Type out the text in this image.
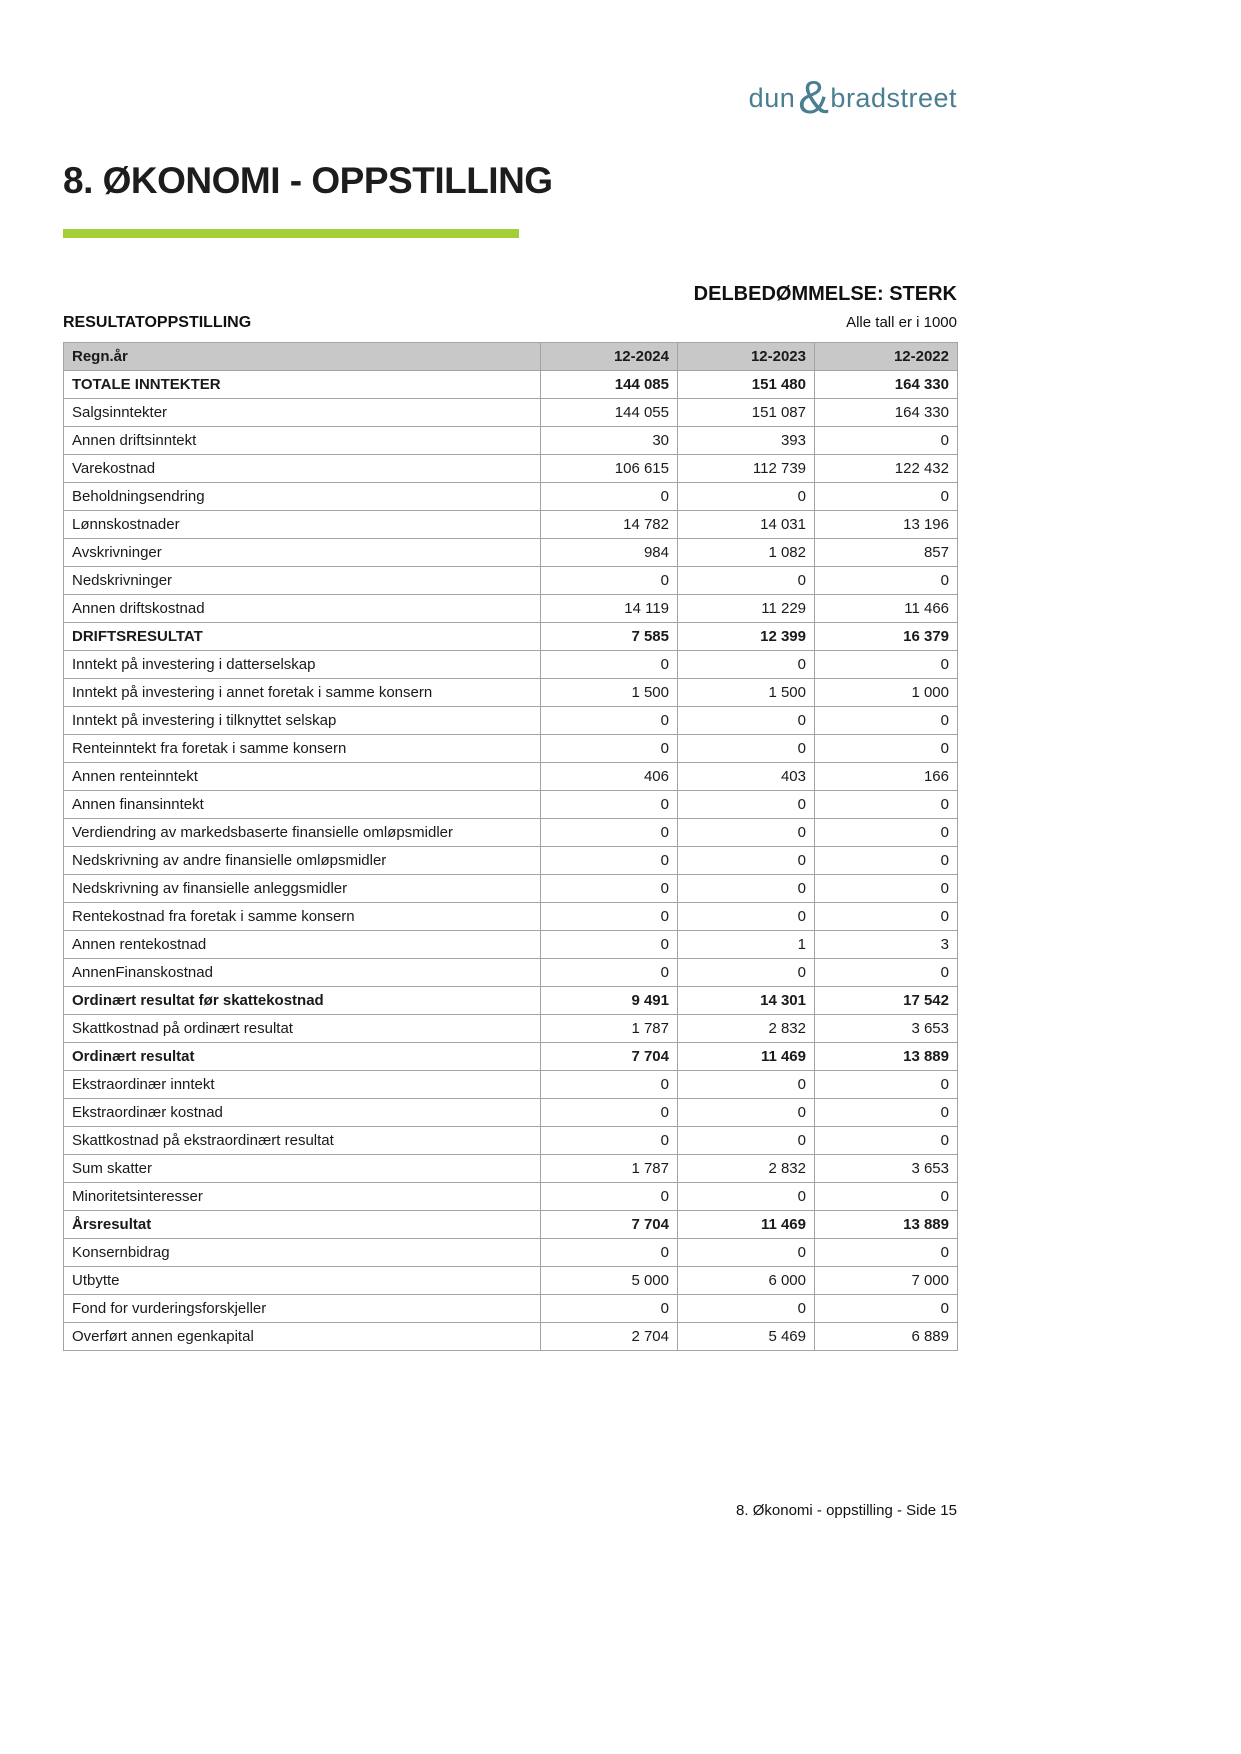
dun&bradstreet
8. ØKONOMI - OPPSTILLING
DELBEDØMMELSE: STERK
RESULTATOPPSTILLING	Alle tall er i 1000
Regn.år	12-2024	12-2023	12-2022
TOTALE INNTEKTER	144 085	151 480	164 330
Salgsinntekter	144 055	151 087	164 330
Annen driftsinntekt	30	393	0
Varekostnad	106 615	112 739	122 432
Beholdningsendring	0	0	0
Lønnskostnader	14 782	14 031	13 196
Avskrivninger	984	1 082	857
Nedskrivninger	0	0	0
Annen driftskostnad	14 119	11 229	11 466
DRIFTSRESULTAT	7 585	12 399	16 379
Inntekt på investering i datterselskap	0	0	0
Inntekt på investering i annet foretak i samme konsern	1 500	1 500	1 000
Inntekt på investering i tilknyttet selskap	0	0	0
Renteinntekt fra foretak i samme konsern	0	0	0
Annen renteinntekt	406	403	166
Annen finansinntekt	0	0	0
Verdiendring av markedsbaserte finansielle omløpsmidler	0	0	0
Nedskrivning av andre finansielle omløpsmidler	0	0	0
Nedskrivning av finansielle anleggsmidler	0	0	0
Rentekostnad fra foretak i samme konsern	0	0	0
Annen rentekostnad	0	1	3
AnnenFinanskostnad	0	0	0
Ordinært resultat før skattekostnad	9 491	14 301	17 542
Skattkostnad på ordinært resultat	1 787	2 832	3 653
Ordinært resultat	7 704	11 469	13 889
Ekstraordinær inntekt	0	0	0
Ekstraordinær kostnad	0	0	0
Skattkostnad på ekstraordinært resultat	0	0	0
Sum skatter	1 787	2 832	3 653
Minoritetsinteresser	0	0	0
Årsresultat	7 704	11 469	13 889
Konsernbidrag	0	0	0
Utbytte	5 000	6 000	7 000
Fond for vurderingsforskjeller	0	0	0
Overført annen egenkapital	2 704	5 469	6 889
8. Økonomi - oppstilling - Side 15
